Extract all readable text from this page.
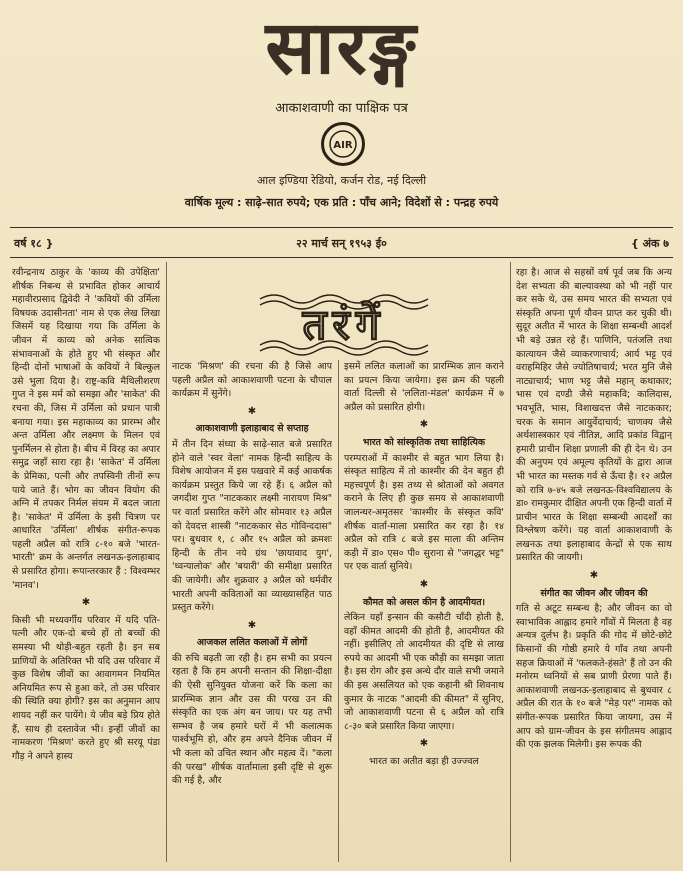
सारङ्ग
आकाशवाणी का पाक्षिक पत्र
AIR
आल इण्डिया रेडियो, कर्जन रोड, नई दिल्ली
वार्षिक मूल्य : साढ़े-सात रुपये; एक प्रति : पाँच आने; विदेशों से : पन्द्रह रुपये
वर्ष १८ }	२२ मार्च सन् १९५३ ई०	{ अंक ७

रवीन्द्रनाथ ठाकुर के 'काव्य की उपेक्षिता' शीर्षक निबन्ध से प्रभावित होकर आचार्य महावीरप्रसाद द्विवेदी ने 'कवियों की उर्मिला विषयक उदासीनता' नाम से एक लेख लिखा जिसमें यह दिखाया गया कि उर्मिला के जीवन में काव्य को अनेक सात्विक संभावनाओं के होते हुए भी संस्कृत और हिन्दी दोनों भाषाओं के कवियों ने बिल्कुल उसे भुला दिया है। राष्ट्र-कवि मैथिलीशरण गुप्त ने इस मर्म को समझा और 'साकेत' की रचना की, जिस में उर्मिला को प्रधान पात्री बनाया गया। इस महाकाव्य का प्रारम्भ और अन्त उर्मिला और लक्ष्मण के मिलन एवं पुनर्मिलन से होता है। बीच में विरह का अपार समुद्र जहाँ सारा रहा है। 'साकेत' में उर्मिला के प्रेमिका, पत्नी और तपस्विनी तीनों रूप पाये जाते हैं। भोग का जीवन वियोग की अग्नि में तपकर निर्मल संयम में बदल जाता है। 'साकेत' में उर्मिला के इसी चित्रण पर आधारित 'उर्मिला' शीर्षक संगीत-रूपक पहली अप्रैल को रात्रि ८-१० बजे 'भारत-भारती' क्रम के अन्तर्गत लखनऊ-इलाहाबाद से प्रसारित होगा। रूपान्तरकार हैं : विश्वम्भर 'मानव'।

✱

किसी भी मध्यवर्गीय परिवार में यदि पति-पत्नी और एक-दो बच्चे हों तो बच्चों की समस्या भी थोड़ी-बहुत रहती है। इन सब प्राणियों के अतिरिक्त भी यदि उस परिवार में कुछ विशेष जीवों का आवागमन नियमित अनियमित रूप से हुआ करे, तो उस परिवार की स्थिति क्या होगी? इस का अनुमान आप शायद नहीं कर पायेंगे। ये जीव बड़े प्रिय होते हैं, साथ ही दस्तावेज भी। इन्हीं जीवों का नामकरण 'मिश्रण' करते हुए श्री सरयू पंडा गौड़ ने अपने हास्य

तरंगें

नाटक 'मिश्रण' की रचना की है जिसे आप पहली अप्रैल को आकाशवाणी पटना के चौपाल कार्यक्रम में सुनेंगे।

✱
आकाशवाणी इलाहाबाद से सप्ताह

में तीन दिन संध्या के साढ़े-सात बजे प्रसारित होने वाले 'स्वर वेला' नामक हिन्दी साहित्य के विशेष आयोजन में इस पखवारे में कई आकर्षक कार्यक्रम प्रस्तुत किये जा रहे हैं। ६ अप्रैल को जगदीश गुप्त "नाटककार लक्ष्मी नारायण मिश्र" पर वार्ता प्रसारित करेंगे और सोमवार १३ अप्रैल को देवदत्त शास्त्री "नाटककार सेठ गोविन्ददास" पर। बुधवार १, ८ और १५ अप्रैल को क्रमशः हिन्दी के तीन नये ग्रंथ 'छायावाद युग', 'ध्वन्यालोक' और 'बयारी' की समीक्षा प्रसारित की जायेगी। और शुक्रवार ३ अप्रैल को धर्मवीर भारती अपनी कविताओं का व्याख्यासहित पाठ प्रस्तुत करेंगे।

✱
आजकल ललित कलाओं में लोगों

की रुचि बढ़ती जा रही है। हम सभी का प्रयत्न रहता है कि हम अपनी सन्तान की शिक्षा-दीक्षा की ऐसी सुनियुक्त योजना करें कि कला का प्रारम्भिक ज्ञान और उस की परख उन की संस्कृति का एक अंग बन जाय। पर यह तभी सम्भव है जब हमारे घरों में भी कलात्मक पार्श्वभूमि हो, और हम अपने दैनिक जीवन में भी कला को उचित स्थान और महत्व दें। "कला की परख" शीर्षक वार्तामाला इसी दृष्टि से शुरू की गई है, और

इसमें ललित कलाओं का प्रारम्भिक ज्ञान कराने का प्रयत्न किया जायेगा। इस क्रम की पहली वार्ता दिल्ली से 'ललिता-मंडल' कार्यक्रम में ७ अप्रैल को प्रसारित होगी।

✱
भारत को सांस्कृतिक तथा साहित्यिक

परम्पराओं में काश्मीर से बहुत भाग लिया है। संस्कृत साहित्य में तो काश्मीर की देन बहुत ही महत्त्वपूर्ण है। इस तथ्य से श्रोताओं को अवगत कराने के लिए ही कुछ समय से आकाशवाणी जालन्धर-अमृतसर 'काश्मीर के संस्कृत कवि' शीर्षक वार्ता-माला प्रसारित कर रहा है। १४ अप्रैल को रात्रि ८ बजे इस माला की अन्तिम कड़ी में डा० एस० पी० सुराना से "जगद्धर भट्ट" पर एक वार्ता सुनिये।

✱
कौमत को असल कीन है आदमीयत।

लेकिन यहाँ इन्सान की कसौटी चाँदी होती है, वहाँ कीमत आदमी की होती है, आदमीयत की नहीं। इसीलिए तो आदमीयत की दृष्टि से लाख रुपये का आदमी भी एक कौड़ी का समझा जाता है। इस रोग और इस अन्धे दौर वाले सभी जमाने की इस असलियत को एक कहानी श्री शिवनाथ कुमार के नाटक "आदमी की कीमत" में सुनिए, जो आकाशवाणी पटना से ६ अप्रैल को रात्रि ८-३० बजे प्रसारित किया जाएगा।

✱

भारत का अतीत बड़ा ही उज्ज्वल

रहा है। आज से सहस्रों वर्ष पूर्व जब कि अन्य देश सभ्यता की बाल्यावस्था को भी नहीं पार कर सके थे, उस समय भारत की सभ्यता एवं संस्कृति अपना पूर्ण यौवन प्राप्त कर चुकी थी। सुदूर अतीत में भारत के शिक्षा सम्बन्धी आदर्श भी बड़े उन्नत रहे हैं। पाणिनि, पतंजलि तथा कात्यायन जैसे व्याकरणाचार्य; आर्य भट्ट एवं वराहमिहिर जैसे ज्योतिषाचार्य; भरत मुनि जैसे नाट्याचार्य; भाण भट्ट जैसे महान् कथाकार; भास एवं दण्डी जैसे महाकवि; कालिदास, भवभूति, भास, विशाखदत्त जैसे नाटककार; चरक के समान आयुर्वेदाचार्य; चाणक्य जैसे अर्थशास्त्रकार एवं नीतिज्ञ, आदि प्रकांड विद्वान् हमारी प्राचीन शिक्षा प्रणाली की ही देन थे। उन की अनुपम एवं अमूल्य कृतियों के द्वारा आज भी भारत का मस्तक गर्व से ऊँचा है। १२ अप्रैल को रात्रि ७-४५ बजे लखनऊ-विश्वविद्यालय के डा० रामकुमार दीक्षित अपनी एक हिन्दी वार्ता में प्राचीन भारत के शिक्षा सम्बन्धी आदर्शों का विश्लेषण करेंगे। यह वार्ता आकाशवाणी के लखनऊ तथा इलाहाबाद केन्द्रों से एक साथ प्रसारित की जायगी।

✱
संगीत का जीवन और जीवन की

गति से अटूट सम्बन्ध है; और जीवन का वो स्वाभाविक आह्लाद हमारे गाँवों में मिलता है वह अन्यत्र दुर्लभ है। प्रकृति की गोद में छोटे-छोटे किसानों की गोष्ठी हमारे ये गाँव तथा अपनी सहज क्रियाओं में 'फलकते-हंसते' हैं तो उन की मनोरम ध्वनियों से सब प्राणी प्रेरणा पाते हैं। आकाशवाणी लखनऊ-इलाहाबाद से बुधवार ८ अप्रैल की रात के १० बजे "मेड़ पर" नामक को संगीत-रूपक प्रसारित किया जायगा, उस में आप को ग्राम-जीवन के इस संगीतमय आह्लाद की एक झलक मिलेगी। इस रूपक की
